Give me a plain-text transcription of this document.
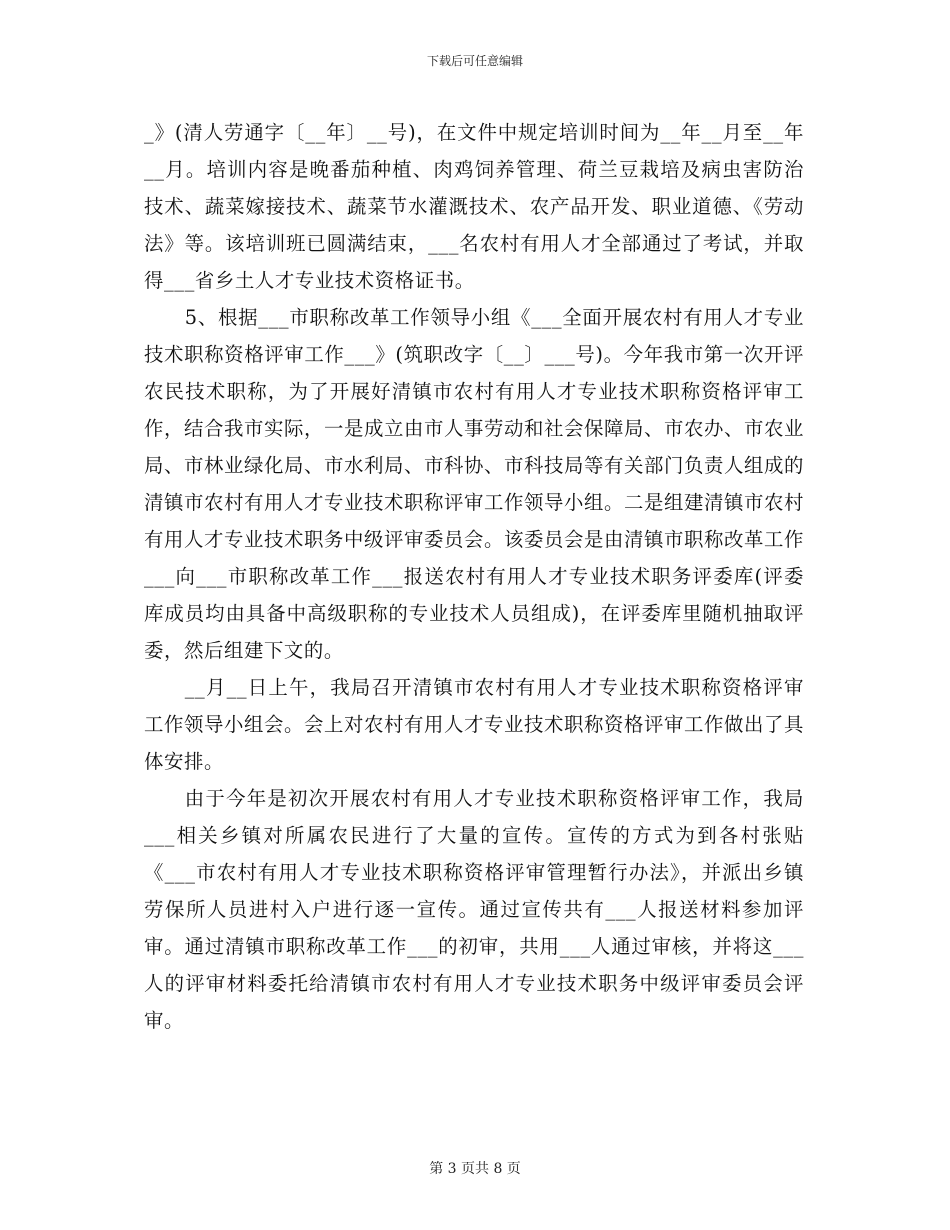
下载后可任意编辑

_》(清人劳通字〔__年〕__号)，在文件中规定培训时间为__年__月至__年__月。培训内容是晚番茄种植、肉鸡饲养管理、荷兰豆栽培及病虫害防治技术、蔬菜嫁接技术、蔬菜节水灌溉技术、农产品开发、职业道德、《劳动法》等。该培训班已圆满结束，___名农村有用人才全部通过了考试，并取得___省乡土人才专业技术资格证书。

5、根据___市职称改革工作领导小组《___全面开展农村有用人才专业技术职称资格评审工作___》(筑职改字〔__〕___号)。今年我市第一次开评农民技术职称，为了开展好清镇市农村有用人才专业技术职称资格评审工作，结合我市实际，一是成立由市人事劳动和社会保障局、市农办、市农业局、市林业绿化局、市水利局、市科协、市科技局等有关部门负责人组成的清镇市农村有用人才专业技术职称评审工作领导小组。二是组建清镇市农村有用人才专业技术职务中级评审委员会。该委员会是由清镇市职称改革工作___向___市职称改革工作___报送农村有用人才专业技术职务评委库(评委库成员均由具备中高级职称的专业技术人员组成)，在评委库里随机抽取评委，然后组建下文的。

__月__日上午，我局召开清镇市农村有用人才专业技术职称资格评审工作领导小组会。会上对农村有用人才专业技术职称资格评审工作做出了具体安排。

由于今年是初次开展农村有用人才专业技术职称资格评审工作，我局___相关乡镇对所属农民进行了大量的宣传。宣传的方式为到各村张贴《___市农村有用人才专业技术职称资格评审管理暂行办法》，并派出乡镇劳保所人员进村入户进行逐一宣传。通过宣传共有___人报送材料参加评审。通过清镇市职称改革工作___的初审，共用___人通过审核，并将这___人的评审材料委托给清镇市农村有用人才专业技术职务中级评审委员会评审。

第 3 页共 8 页
